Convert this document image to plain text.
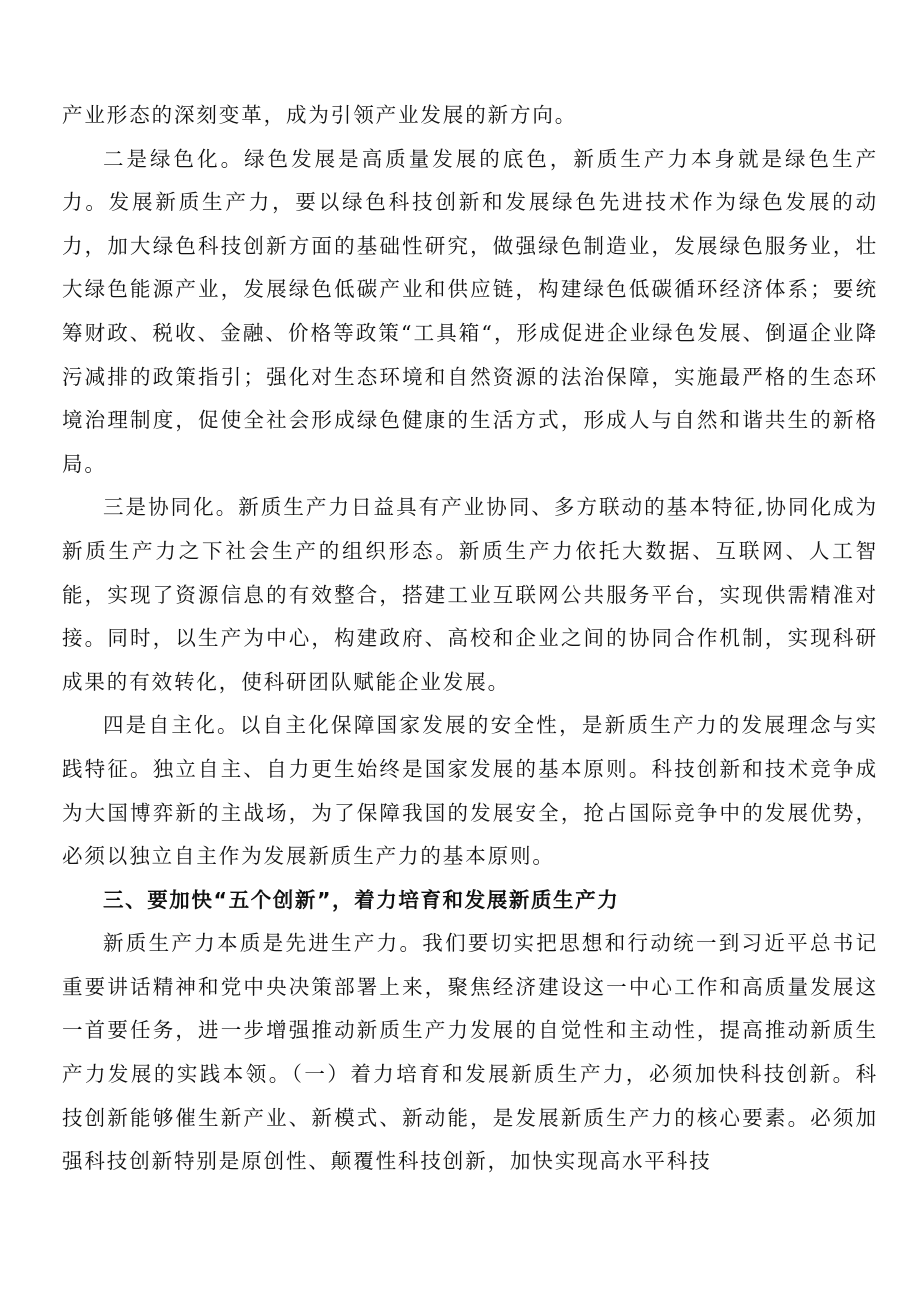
产业形态的深刻变革，成为引领产业发展的新方向。

二是绿色化。绿色发展是高质量发展的底色，新质生产力本身就是绿色生产力。发展新质生产力，要以绿色科技创新和发展绿色先进技术作为绿色发展的动力，加大绿色科技创新方面的基础性研究，做强绿色制造业，发展绿色服务业，壮大绿色能源产业，发展绿色低碳产业和供应链，构建绿色低碳循环经济体系；要统筹财政、税收、金融、价格等政策“工具箱“，形成促进企业绿色发展、倒逼企业降污减排的政策指引；强化对生态环境和自然资源的法治保障，实施最严格的生态环境治理制度，促使全社会形成绿色健康的生活方式，形成人与自然和谐共生的新格局。

三是协同化。新质生产力日益具有产业协同、多方联动的基本特征,协同化成为新质生产力之下社会生产的组织形态。新质生产力依托大数据、互联网、人工智能，实现了资源信息的有效整合，搭建工业互联网公共服务平台，实现供需精准对接。同时，以生产为中心，构建政府、高校和企业之间的协同合作机制，实现科研成果的有效转化，使科研团队赋能企业发展。

四是自主化。以自主化保障国家发展的安全性，是新质生产力的发展理念与实践特征。独立自主、自力更生始终是国家发展的基本原则。科技创新和技术竞争成为大国博弈新的主战场，为了保障我国的发展安全，抢占国际竞争中的发展优势，必须以独立自主作为发展新质生产力的基本原则。

三、要加快“五个创新”，着力培育和发展新质生产力

新质生产力本质是先进生产力。我们要切实把思想和行动统一到习近平总书记重要讲话精神和党中央决策部署上来，聚焦经济建设这一中心工作和高质量发展这一首要任务，进一步增强推动新质生产力发展的自觉性和主动性，提高推动新质生产力发展的实践本领。（一）着力培育和发展新质生产力，必须加快科技创新。科技创新能够催生新产业、新模式、新动能，是发展新质生产力的核心要素。必须加强科技创新特别是原创性、颠覆性科技创新，加快实现高水平科技
